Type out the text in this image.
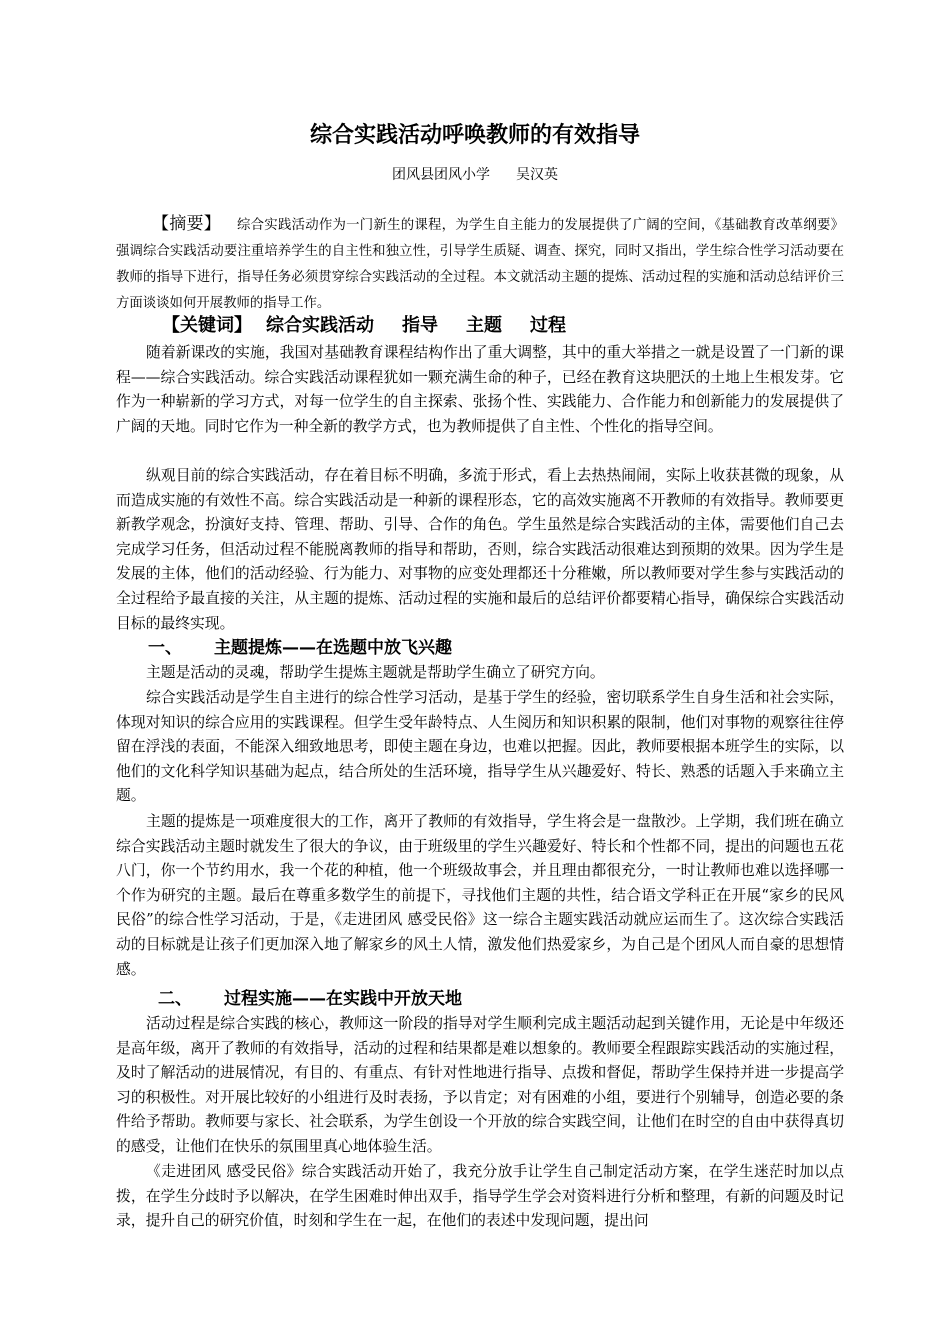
综合实践活动呼唤教师的有效指导

团风县团风小学 吴汉英

【摘要】 综合实践活动作为一门新生的课程，为学生自主能力的发展提供了广阔的空间，《基础教育改革纲要》强调综合实践活动要注重培养学生的自主性和独立性，引导学生质疑、调查、探究，同时又指出，学生综合性学习活动要在教师的指导下进行，指导任务必须贯穿综合实践活动的全过程。本文就活动主题的提炼、活动过程的实施和活动总结评价三方面谈谈如何开展教师的指导工作。

【关键词】 综合实践活动 指导 主题 过程

随着新课改的实施，我国对基础教育课程结构作出了重大调整，其中的重大举措之一就是设置了一门新的课程——综合实践活动。综合实践活动课程犹如一颗充满生命的种子，已经在教育这块肥沃的土地上生根发芽。它作为一种崭新的学习方式，对每一位学生的自主探索、张扬个性、实践能力、合作能力和创新能力的发展提供了广阔的天地。同时它作为一种全新的教学方式，也为教师提供了自主性、个性化的指导空间。

纵观目前的综合实践活动，存在着目标不明确，多流于形式，看上去热热闹闹，实际上收获甚微的现象，从而造成实施的有效性不高。综合实践活动是一种新的课程形态，它的高效实施离不开教师的有效指导。教师要更新教学观念，扮演好支持、管理、帮助、引导、合作的角色。学生虽然是综合实践活动的主体，需要他们自己去完成学习任务，但活动过程不能脱离教师的指导和帮助，否则，综合实践活动很难达到预期的效果。因为学生是发展的主体，他们的活动经验、行为能力、对事物的应变处理都还十分稚嫩，所以教师要对学生参与实践活动的全过程给予最直接的关注，从主题的提炼、活动过程的实施和最后的总结评价都要精心指导，确保综合实践活动目标的最终实现。

一、 主题提炼——在选题中放飞兴趣

主题是活动的灵魂，帮助学生提炼主题就是帮助学生确立了研究方向。

综合实践活动是学生自主进行的综合性学习活动，是基于学生的经验，密切联系学生自身生活和社会实际，体现对知识的综合应用的实践课程。但学生受年龄特点、人生阅历和知识积累的限制，他们对事物的观察往往停留在浮浅的表面，不能深入细致地思考，即使主题在身边，也难以把握。因此，教师要根据本班学生的实际，以他们的文化科学知识基础为起点，结合所处的生活环境，指导学生从兴趣爱好、特长、熟悉的话题入手来确立主题。

主题的提炼是一项难度很大的工作，离开了教师的有效指导，学生将会是一盘散沙。上学期，我们班在确立综合实践活动主题时就发生了很大的争议，由于班级里的学生兴趣爱好、特长和个性都不同，提出的问题也五花八门，你一个节约用水，我一个花的种植，他一个班级故事会，并且理由都很充分，一时让教师也难以选择哪一个作为研究的主题。最后在尊重多数学生的前提下，寻找他们主题的共性，结合语文学科正在开展“家乡的民风民俗”的综合性学习活动，于是，《走进团风 感受民俗》这一综合主题实践活动就应运而生了。这次综合实践活动的目标就是让孩子们更加深入地了解家乡的风土人情，激发他们热爱家乡，为自己是个团风人而自豪的思想情感。

二、 过程实施——在实践中开放天地

活动过程是综合实践的核心，教师这一阶段的指导对学生顺利完成主题活动起到关键作用，无论是中年级还是高年级，离开了教师的有效指导，活动的过程和结果都是难以想象的。教师要全程跟踪实践活动的实施过程，及时了解活动的进展情况，有目的、有重点、有针对性地进行指导、点拨和督促，帮助学生保持并进一步提高学习的积极性。对开展比较好的小组进行及时表扬，予以肯定；对有困难的小组，要进行个别辅导，创造必要的条件给予帮助。教师要与家长、社会联系，为学生创设一个开放的综合实践空间，让他们在时空的自由中获得真切的感受，让他们在快乐的氛围里真心地体验生活。

《走进团风 感受民俗》综合实践活动开始了，我充分放手让学生自己制定活动方案，在学生迷茫时加以点拨，在学生分歧时予以解决，在学生困难时伸出双手，指导学生学会对资料进行分析和整理，有新的问题及时记录，提升自己的研究价值，时刻和学生在一起，在他们的表述中发现问题，提出问
